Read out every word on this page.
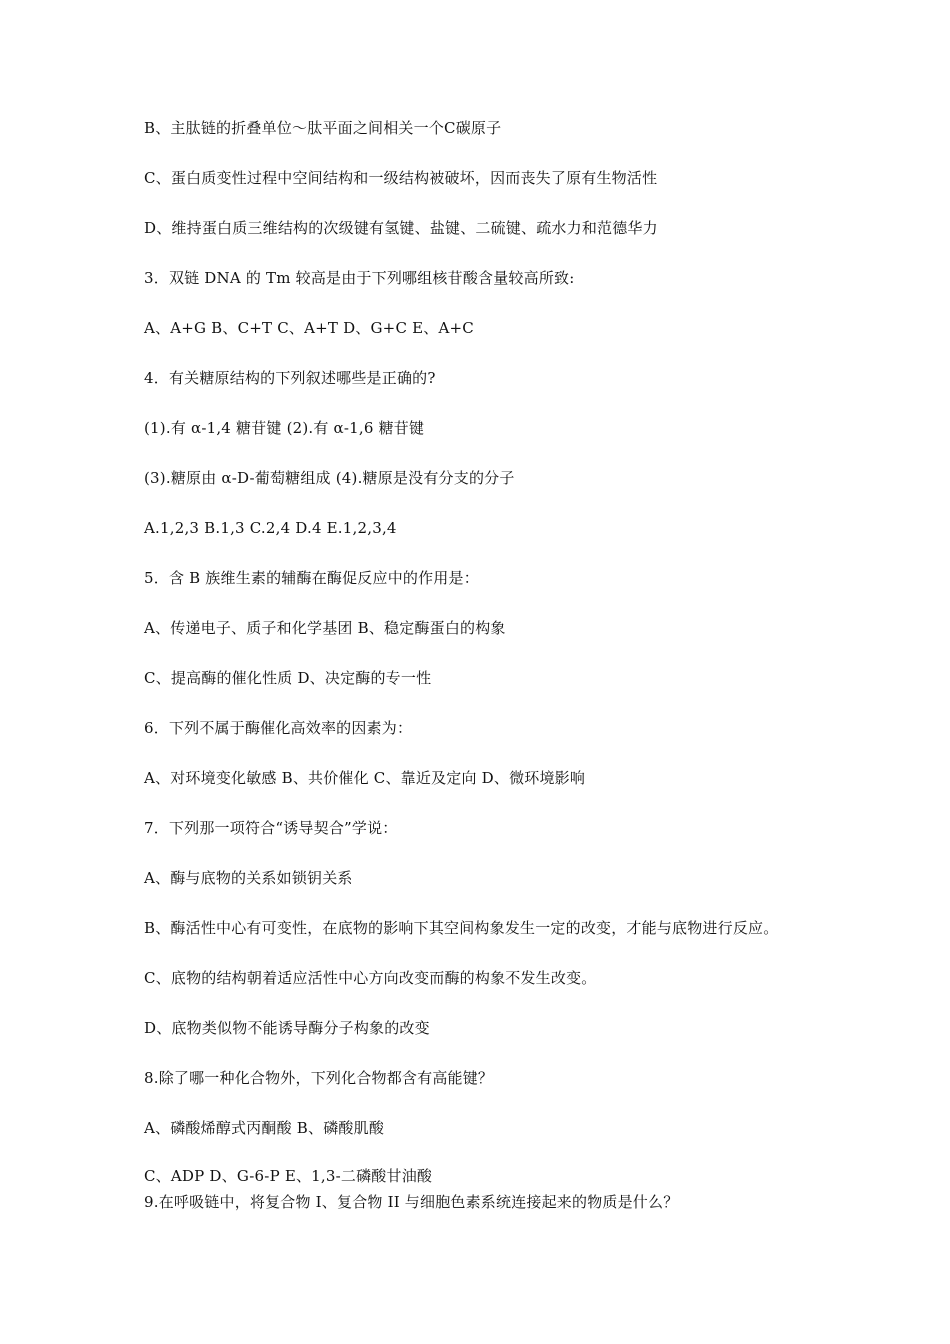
B、主肽链的折叠单位～肽平面之间相关一个C碳原子
C、蛋白质变性过程中空间结构和一级结构被破坏，因而丧失了原有生物活性
D、维持蛋白质三维结构的次级键有氢键、盐键、二硫键、疏水力和范德华力
3．双链 DNA 的 Tm 较高是由于下列哪组核苷酸含量较高所致:
A、A+G B、C+T C、A+T D、G+C E、A+C
4．有关糖原结构的下列叙述哪些是正确的?
(1).有 α-1,4 糖苷键 (2).有 α-1,6 糖苷键
(3).糖原由 α-D-葡萄糖组成 (4).糖原是没有分支的分子
A.1,2,3 B.1,3 C.2,4 D.4 E.1,2,3,4
5．含 B 族维生素的辅酶在酶促反应中的作用是：
A、传递电子、质子和化学基团 B、稳定酶蛋白的构象
C、提高酶的催化性质 D、决定酶的专一性
6．下列不属于酶催化高效率的因素为：
A、对环境变化敏感 B、共价催化 C、靠近及定向 D、微环境影响
7．下列那一项符合“诱导契合”学说：
A、酶与底物的关系如锁钥关系
B、酶活性中心有可变性，在底物的影响下其空间构象发生一定的改变，才能与底物进行反应。
C、底物的结构朝着适应活性中心方向改变而酶的构象不发生改变。
D、底物类似物不能诱导酶分子构象的改变
8.除了哪一种化合物外，下列化合物都含有高能键？
A、磷酸烯醇式丙酮酸 B、磷酸肌酸
C、ADP D、G-6-P E、1,3-二磷酸甘油酸
9.在呼吸链中，将复合物 I、复合物 II 与细胞色素系统连接起来的物质是什么？
